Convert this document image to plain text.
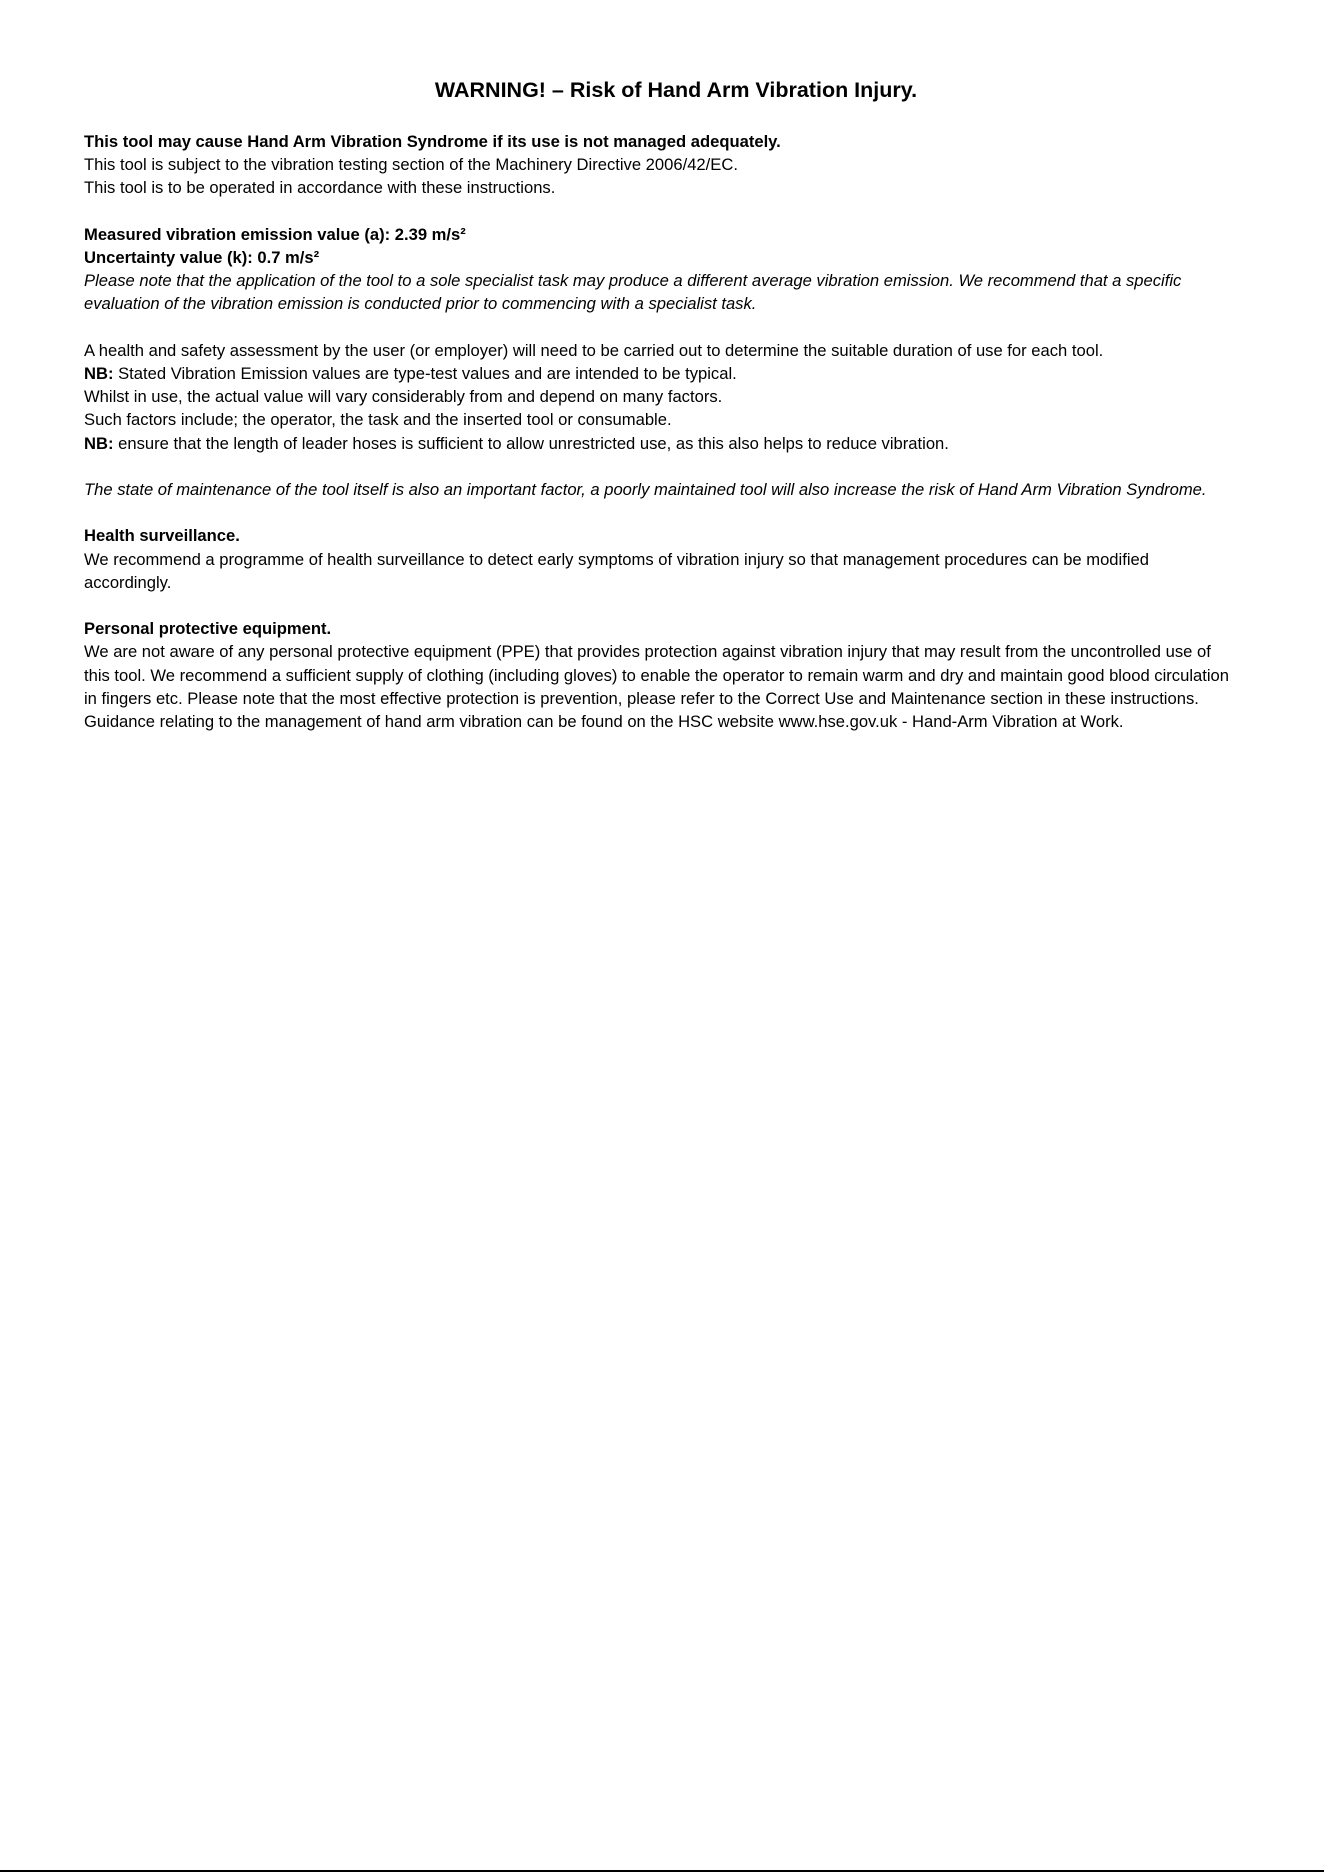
WARNING! – Risk of Hand Arm Vibration Injury.
This tool may cause Hand Arm Vibration Syndrome if its use is not managed adequately.
This tool is subject to the vibration testing section of the Machinery Directive 2006/42/EC.
This tool is to be operated in accordance with these instructions.
Measured vibration emission value (a): 2.39 m/s²
Uncertainty value (k): 0.7 m/s²
Please note that the application of the tool to a sole specialist task may produce a different average vibration emission. We recommend that a specific evaluation of the vibration emission is conducted prior to commencing with a specialist task.
A health and safety assessment by the user (or employer) will need to be carried out to determine the suitable duration of use for each tool.
NB: Stated Vibration Emission values are type-test values and are intended to be typical.
Whilst in use, the actual value will vary considerably from and depend on many factors.
Such factors include; the operator, the task and the inserted tool or consumable.
NB: ensure that the length of leader hoses is sufficient to allow unrestricted use, as this also helps to reduce vibration.
The state of maintenance of the tool itself is also an important factor, a poorly maintained tool will also increase the risk of Hand Arm Vibration Syndrome.
Health surveillance.
We recommend a programme of health surveillance to detect early symptoms of vibration injury so that management procedures can be modified accordingly.
Personal protective equipment.
We are not aware of any personal protective equipment (PPE) that provides protection against vibration injury that may result from the uncontrolled use of this tool. We recommend a sufficient supply of clothing (including gloves) to enable the operator to remain warm and dry and maintain good blood circulation in fingers etc. Please note that the most effective protection is prevention, please refer to the Correct Use and Maintenance section in these instructions. Guidance relating to the management of hand arm vibration can be found on the HSC website www.hse.gov.uk - Hand-Arm Vibration at Work.
